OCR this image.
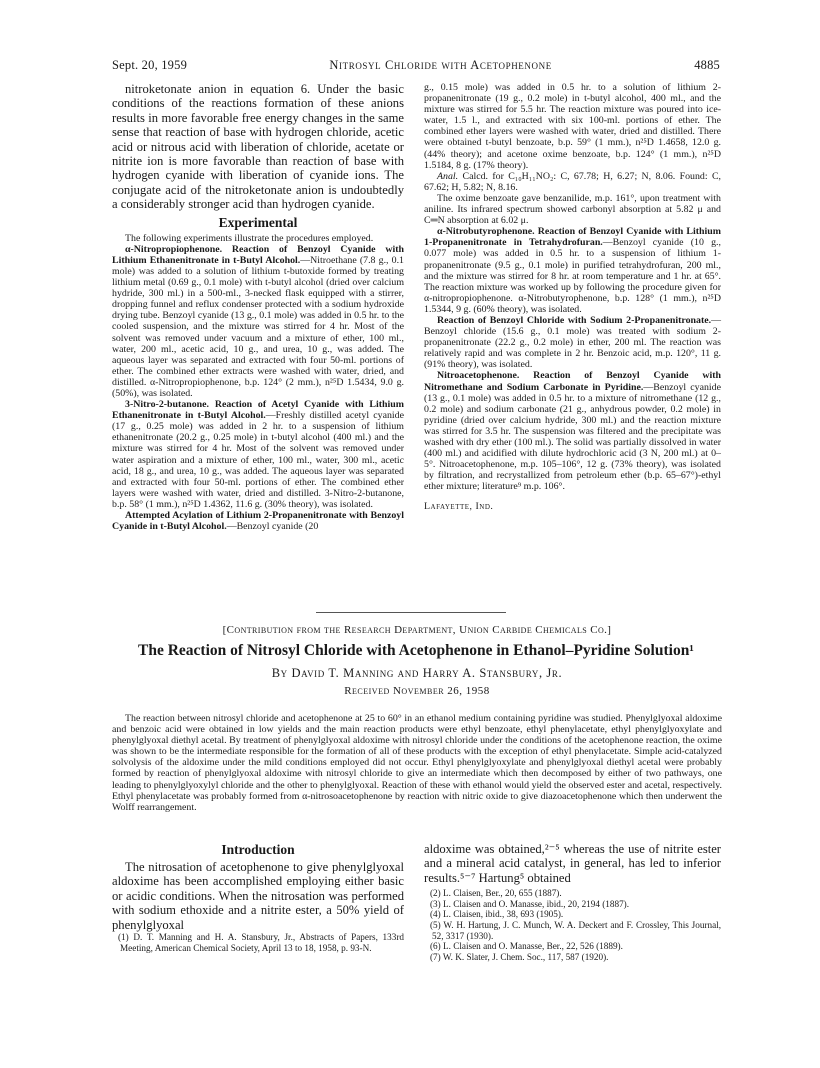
Sept. 20, 1959	Nitrosyl Chloride with Acetophenone	4885

nitroketonate anion in equation 6. Under the basic conditions of the reactions formation of these anions results in more favorable free energy changes in the same sense that reaction of base with hydrogen chloride, acetic acid or nitrous acid with liberation of chloride, acetate or nitrite ion is more favorable than reaction of base with hydrogen cyanide with liberation of cyanide ions. The conjugate acid of the nitroketonate anion is undoubtedly a considerably stronger acid than hydrogen cyanide.

Experimental

The following experiments illustrate the procedures employed.

α-Nitropropiophenone. Reaction of Benzoyl Cyanide with Lithium Ethanenitronate in t-Butyl Alcohol.—Nitroethane (7.8 g., 0.1 mole) was added to a solution of lithium t-butoxide formed by treating lithium metal (0.69 g., 0.1 mole) with t-butyl alcohol (dried over calcium hydride, 300 ml.) in a 500-ml., 3-necked flask equipped with a stirrer, dropping funnel and reflux condenser protected with a sodium hydroxide drying tube. Benzoyl cyanide (13 g., 0.1 mole) was added in 0.5 hr. to the cooled suspension, and the mixture was stirred for 4 hr. Most of the solvent was removed under vacuum and a mixture of ether, 100 ml., water, 200 ml., acetic acid, 10 g., and urea, 10 g., was added. The aqueous layer was separated and extracted with four 50-ml. portions of ether. The combined ether extracts were washed with water, dried, and distilled. α-Nitropropiophenone, b.p. 124° (2 mm.), n²⁵D 1.5434, 9.0 g. (50%), was isolated.

3-Nitro-2-butanone. Reaction of Acetyl Cyanide with Lithium Ethanenitronate in t-Butyl Alcohol.—Freshly distilled acetyl cyanide (17 g., 0.25 mole) was added in 2 hr. to a suspension of lithium ethanenitronate (20.2 g., 0.25 mole) in t-butyl alcohol (400 ml.) and the mixture was stirred for 4 hr. Most of the solvent was removed under water aspiration and a mixture of ether, 100 ml., water, 300 ml., acetic acid, 18 g., and urea, 10 g., was added. The aqueous layer was separated and extracted with four 50-ml. portions of ether. The combined ether layers were washed with water, dried and distilled. 3-Nitro-2-butanone, b.p. 58° (1 mm.), n²⁵D 1.4362, 11.6 g. (30% theory), was isolated.

Attempted Acylation of Lithium 2-Propanenitronate with Benzoyl Cyanide in t-Butyl Alcohol.—Benzoyl cyanide (20

g., 0.15 mole) was added in 0.5 hr. to a solution of lithium 2-propanenitronate (19 g., 0.2 mole) in t-butyl alcohol, 400 ml., and the mixture was stirred for 5.5 hr. The reaction mixture was poured into ice-water, 1.5 l., and extracted with six 100-ml. portions of ether. The combined ether layers were washed with water, dried and distilled. There were obtained t-butyl benzoate, b.p. 59° (1 mm.), n²⁵D 1.4658, 12.0 g. (44% theory); and acetone oxime benzoate, b.p. 124° (1 mm.), n²⁵D 1.5184, 8 g. (17% theory).

Anal. Calcd. for C₁₀H₁₁NO₂: C, 67.78; H, 6.27; N, 8.06. Found: C, 67.62; H, 5.82; N, 8.16.

The oxime benzoate gave benzanilide, m.p. 161°, upon treatment with aniline. Its infrared spectrum showed carbonyl absorption at 5.82 μ and C═N absorption at 6.02 μ.

α-Nitrobutyrophenone. Reaction of Benzoyl Cyanide with Lithium 1-Propanenitronate in Tetrahydrofuran.—Benzoyl cyanide (10 g., 0.077 mole) was added in 0.5 hr. to a suspension of lithium 1-propanenitronate (9.5 g., 0.1 mole) in purified tetrahydrofuran, 200 ml., and the mixture was stirred for 8 hr. at room temperature and 1 hr. at 65°. The reaction mixture was worked up by following the procedure given for α-nitropropiophenone. α-Nitrobutyrophenone, b.p. 128° (1 mm.), n²⁵D 1.5344, 9 g. (60% theory), was isolated.

Reaction of Benzoyl Chloride with Sodium 2-Propanenitronate.—Benzoyl chloride (15.6 g., 0.1 mole) was treated with sodium 2-propanenitronate (22.2 g., 0.2 mole) in ether, 200 ml. The reaction was relatively rapid and was complete in 2 hr. Benzoic acid, m.p. 120°, 11 g. (91% theory), was isolated.

Nitroacetophenone. Reaction of Benzoyl Cyanide with Nitromethane and Sodium Carbonate in Pyridine.—Benzoyl cyanide (13 g., 0.1 mole) was added in 0.5 hr. to a mixture of nitromethane (12 g., 0.2 mole) and sodium carbonate (21 g., anhydrous powder, 0.2 mole) in pyridine (dried over calcium hydride, 300 ml.) and the reaction mixture was stirred for 3.5 hr. The suspension was filtered and the precipitate was washed with dry ether (100 ml.). The solid was partially dissolved in water (400 ml.) and acidified with dilute hydrochloric acid (3 N, 200 ml.) at 0–5°. Nitroacetophenone, m.p. 105–106°, 12 g. (73% theory), was isolated by filtration, and recrystallized from petroleum ether (b.p. 65–67°)-ethyl ether mixture; literature⁹ m.p. 106°.

Lafayette, Ind.

[Contribution from the Research Department, Union Carbide Chemicals Co.]
The Reaction of Nitrosyl Chloride with Acetophenone in Ethanol–Pyridine Solution¹
By David T. Manning and Harry A. Stansbury, Jr.
Received November 26, 1958
The reaction between nitrosyl chloride and acetophenone at 25 to 60° in an ethanol medium containing pyridine was studied. Phenylglyoxal aldoxime and benzoic acid were obtained in low yields and the main reaction products were ethyl benzoate, ethyl phenylacetate, ethyl phenylglyoxylate and phenylglyoxal diethyl acetal. By treatment of phenylglyoxal aldoxime with nitrosyl chloride under the conditions of the acetophenone reaction, the oxime was shown to be the intermediate responsible for the formation of all of these products with the exception of ethyl phenylacetate. Simple acid-catalyzed solvolysis of the aldoxime under the mild conditions employed did not occur. Ethyl phenylglyoxylate and phenylglyoxal diethyl acetal were probably formed by reaction of phenylglyoxal aldoxime with nitrosyl chloride to give an intermediate which then decomposed by either of two pathways, one leading to phenylglyoxylyl chloride and the other to phenylglyoxal. Reaction of these with ethanol would yield the observed ester and acetal, respectively. Ethyl phenylacetate was probably formed from α-nitrosoacetophenone by reaction with nitric oxide to give diazoacetophenone which then underwent the Wolff rearrangement.
Introduction

The nitrosation of acetophenone to give phenylglyoxal aldoxime has been accomplished employing either basic or acidic conditions. When the nitrosation was performed with sodium ethoxide and a nitrite ester, a 50% yield of phenylglyoxal

(1) D. T. Manning and H. A. Stansbury, Jr., Abstracts of Papers, 133rd Meeting, American Chemical Society, April 13 to 18, 1958, p. 93-N.

aldoxime was obtained,²⁻⁵ whereas the use of nitrite ester and a mineral acid catalyst, in general, has led to inferior results.⁵⁻⁷ Hartung⁵ obtained

(2) L. Claisen, Ber., 20, 655 (1887).
(3) L. Claisen and O. Manasse, ibid., 20, 2194 (1887).
(4) L. Claisen, ibid., 38, 693 (1905).
(5) W. H. Hartung, J. C. Munch, W. A. Deckert and F. Crossley, This Journal, 52, 3317 (1930).
(6) L. Claisen and O. Manasse, Ber., 22, 526 (1889).
(7) W. K. Slater, J. Chem. Soc., 117, 587 (1920).
